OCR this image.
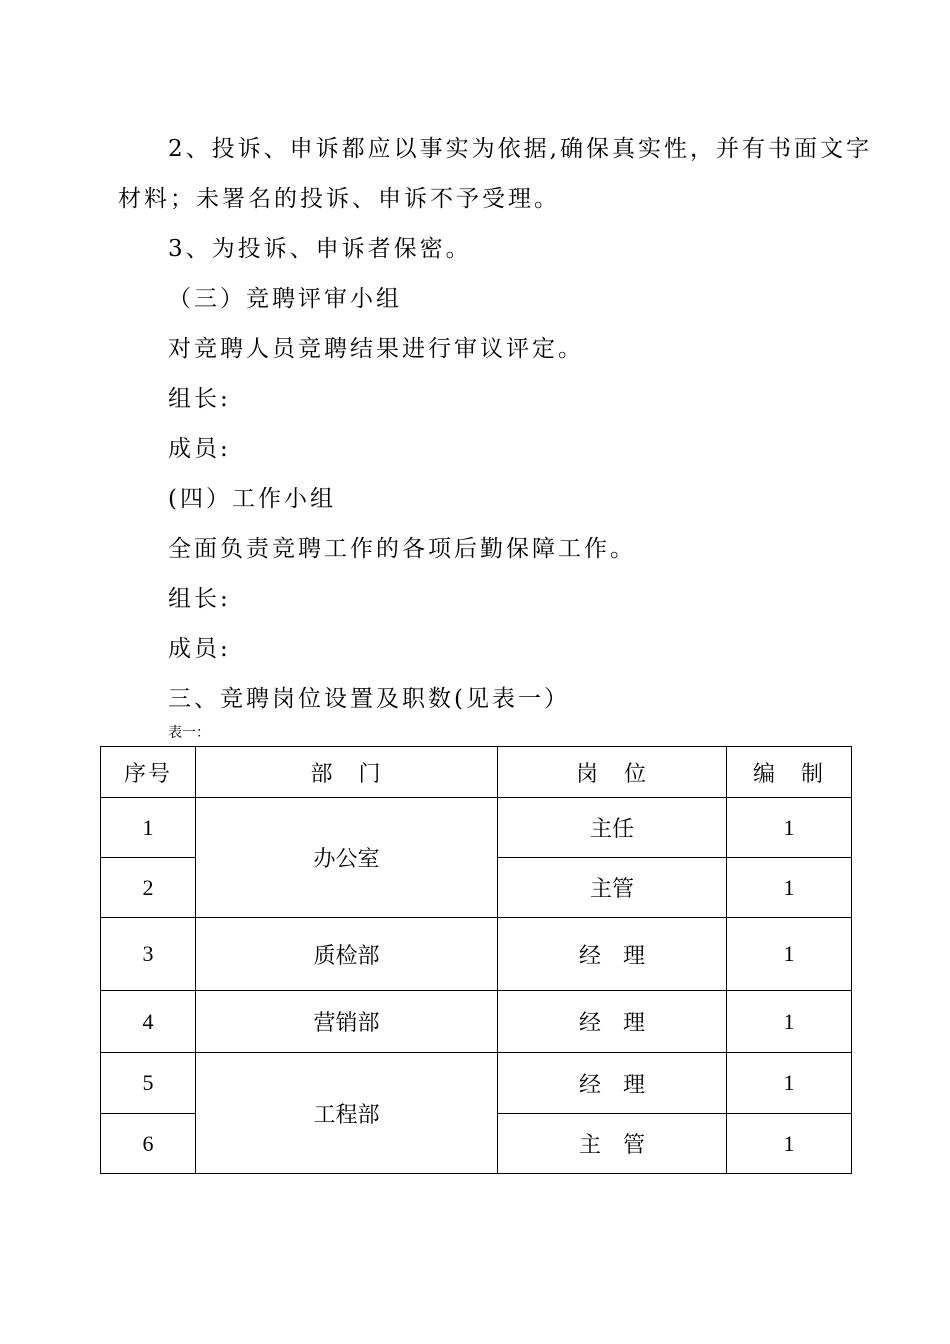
2、投诉、申诉都应以事实为依据,确保真实性，并有书面文字
材料；未署名的投诉、申诉不予受理。
3、为投诉、申诉者保密。
（三）竞聘评审小组
对竞聘人员竞聘结果进行审议评定。
组长:
成员:
(四）工作小组
全面负责竞聘工作的各项后勤保障工作。
组长:
成员:
三、竞聘岗位设置及职数(见表一）
表一：
序号	部　门	岗　位	编　制
1	办公室	主任	1
2		主管	1
3	质检部	经　理	1
4	营销部	经　理	1
5	工程部	经　理	1
6		主　管	1
